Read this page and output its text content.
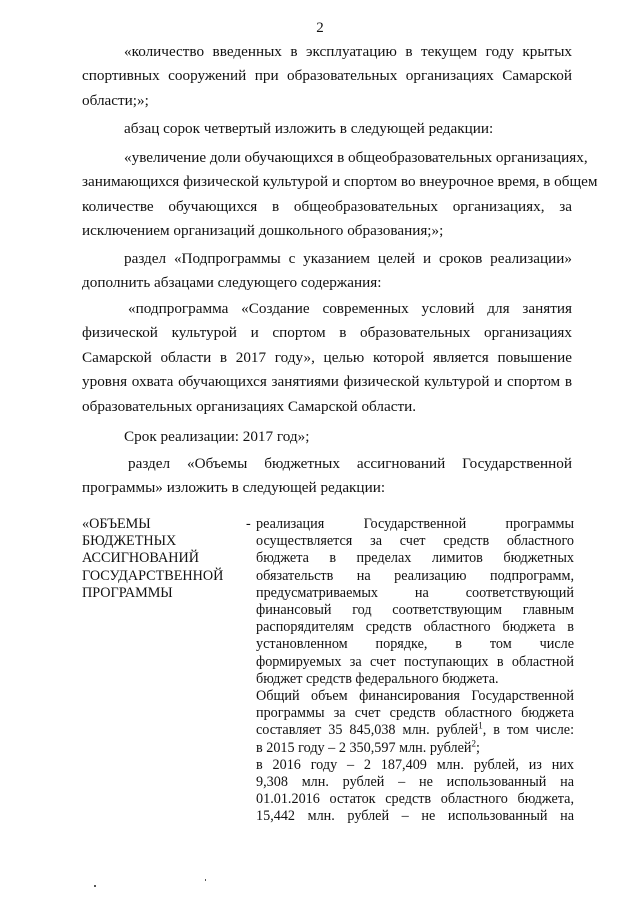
2
«количество введенных в эксплуатацию в текущем году крытых
спортивных сооружений при образовательных организациях Самарской
области;»;
абзац сорок четвертый изложить в следующей редакции:
«увеличение доли обучающихся в общеобразовательных организациях,
занимающихся физической культурой и спортом во внеурочное время, в общем
количестве обучающихся в общеобразовательных организациях, за
исключением организаций дошкольного образования;»;
раздел «Подпрограммы с указанием целей и сроков реализации»
дополнить абзацами следующего содержания:
«подпрограмма «Создание современных условий для занятия
физической культурой и спортом в образовательных организациях
Самарской области в 2017 году», целью которой является повышение
уровня охвата обучающихся занятиями физической культурой и спортом в
образовательных организациях Самарской области.
Срок реализации: 2017 год»;
раздел «Объемы бюджетных ассигнований Государственной
программы» изложить в следующей редакции:
«ОБЪЕМЫ
БЮДЖЕТНЫХ
АССИГНОВАНИЙ
ГОСУДАРСТВЕННОЙ
ПРОГРАММЫ
- реализация Государственной программы
осуществляется за счет средств областного
бюджета в пределах лимитов бюджетных
обязательств на реализацию подпрограмм,
предусматриваемых на соответствующий
финансовый год соответствующим главным
распорядителям средств областного бюджета в
установленном порядке, в том числе
формируемых за счет поступающих в областной
бюджет средств федерального бюджета.
Общий объем финансирования Государственной
программы за счет средств областного бюджета
составляет 35 845,038 млн. рублей$^1$, в том числе:
в 2015 году – 2 350,597 млн. рублей$^2$;
в 2016 году – 2 187,409 млн. рублей, из них
9,308 млн. рублей – не использованный на
01.01.2016 остаток средств областного бюджета,
15,442 млн. рублей – не использованный на
